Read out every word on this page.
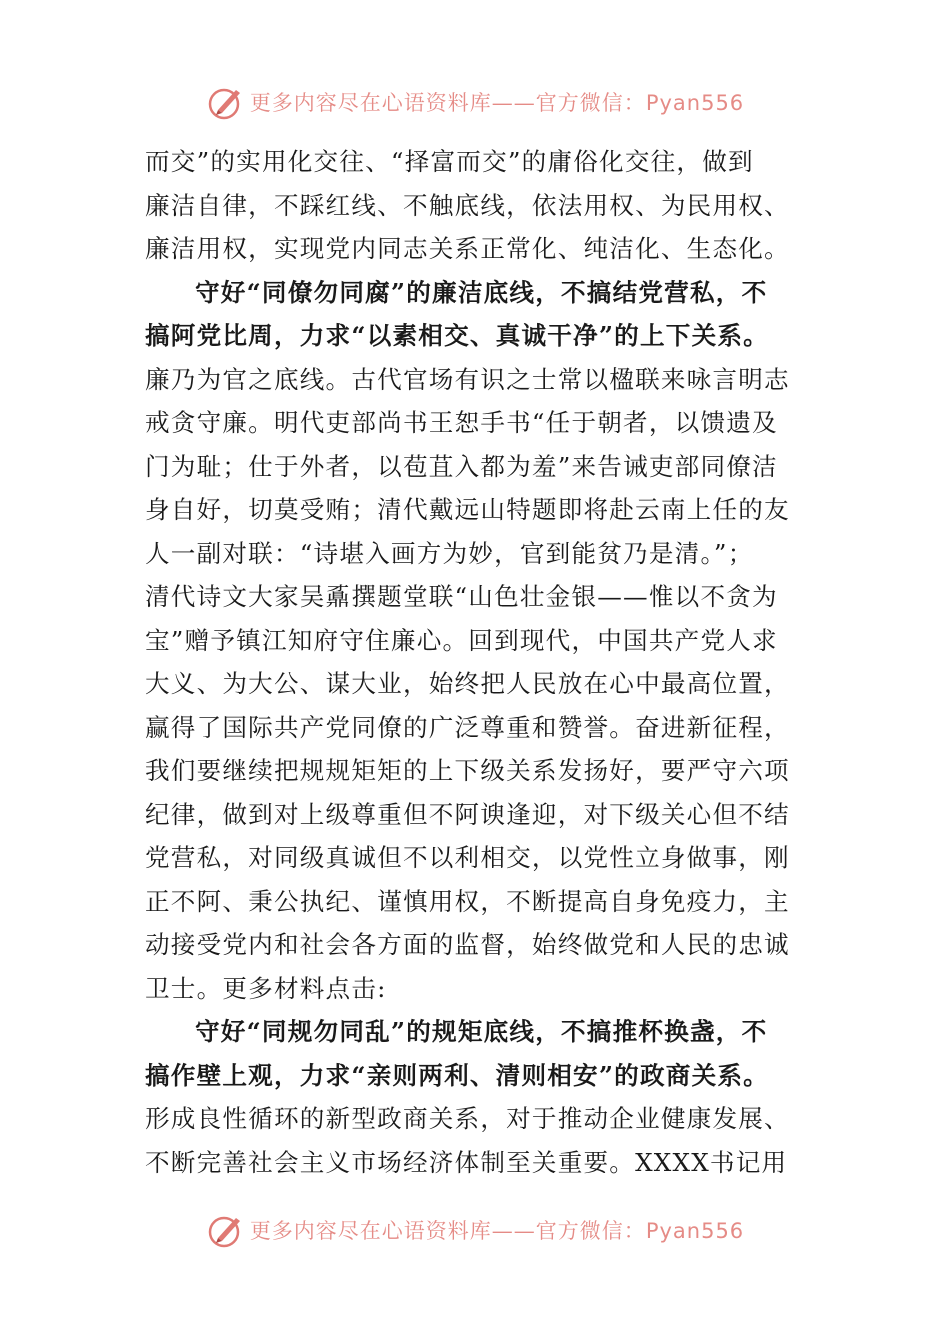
更多内容尽在心语资料库——官方微信：Pyan556

而交”的实用化交往、“择富而交”的庸俗化交往，做到
廉洁自律，不踩红线、不触底线，依法用权、为民用权、
廉洁用权，实现党内同志关系正常化、纯洁化、生态化。

守好“同僚勿同腐”的廉洁底线，不搞结党营私，不
搞阿党比周，力求“以素相交、真诚干净”的上下关系。
廉乃为官之底线。古代官场有识之士常以楹联来咏言明志
戒贪守廉。明代吏部尚书王恕手书“任于朝者，以馈遗及
门为耻；仕于外者，以苞苴入都为羞”来告诫吏部同僚洁
身自好，切莫受贿；清代戴远山特题即将赴云南上任的友
人一副对联：“诗堪入画方为妙，官到能贫乃是清。”；
清代诗文大家吴鼒撰题堂联“山色壮金银——惟以不贪为
宝”赠予镇江知府守住廉心。回到现代，中国共产党人求
大义、为大公、谋大业，始终把人民放在心中最高位置，
赢得了国际共产党同僚的广泛尊重和赞誉。奋进新征程，
我们要继续把规规矩矩的上下级关系发扬好，要严守六项
纪律，做到对上级尊重但不阿谀逢迎，对下级关心但不结
党营私，对同级真诚但不以利相交，以党性立身做事，刚
正不阿、秉公执纪、谨慎用权，不断提高自身免疫力，主
动接受党内和社会各方面的监督，始终做党和人民的忠诚
卫士。更多材料点击:

守好“同规勿同乱”的规矩底线，不搞推杯换盏，不
搞作壁上观，力求“亲则两利、清则相安”的政商关系。
形成良性循环的新型政商关系，对于推动企业健康发展、
不断完善社会主义市场经济体制至关重要。XXXX书记用

更多内容尽在心语资料库——官方微信：Pyan556
